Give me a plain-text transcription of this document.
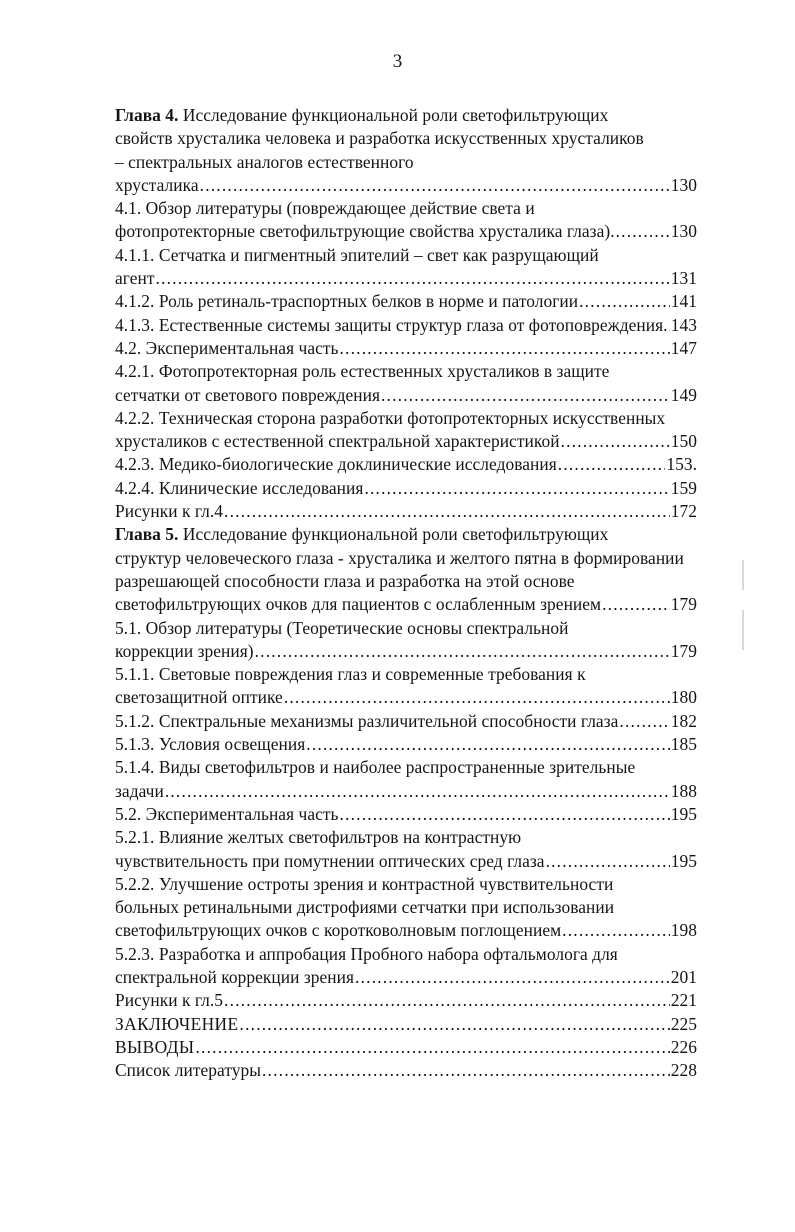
3
Глава 4. Исследование функциональной роли светофильтрующих
свойств хрусталика человека и разработка искусственных хрусталиков
– спектральных аналогов естественного
хрусталика .....	130
4.1. Обзор литературы (повреждающее действие света и
фотопротекторные светофильтрующие свойства хрусталика глаза). .....	130
4.1.1. Сетчатка и пигментный эпителий – свет как разрущающий
агент .....	131
4.1.2. Роль ретиналь-траспортных белков в норме и патологии .....	141
4.1.3. Естественные системы защиты структур глаза от фотоповреждения. ..... 143
4.2. Экспериментальная часть .....	147
4.2.1. Фотопротекторная роль естественных хрусталиков в защите
сетчатки от светового повреждения .....	149
4.2.2. Техническая сторона разработки фотопротекторных искусственных
хрусталиков с естественной спектральной характеристикой .....	150
4.2.3. Медико-биологические доклинические исследования .....	153.
4.2.4. Клинические исследования .....	159
Рисунки к гл.4 .....	172
Глава 5. Исследование функциональной роли светофильтрующих
структур человеческого глаза - хрусталика и желтого пятна в формировании
разрешающей способности глаза и разработка на этой основе
светофильтрующих очков для пациентов с ослабленным зрением .....	179
5.1. Обзор литературы (Теоретические основы спектральной
коррекции зрения) .....	179
5.1.1. Световые повреждения глаз и современные требования к
светозащитной оптике .....	180
5.1.2. Спектральные механизмы различительной способности глаза .....	182
5.1.3. Условия освещения .....	185
5.1.4. Виды светофильтров и наиболее распространенные зрительные
задачи .....	188
5.2. Экспериментальная часть .....	195
5.2.1. Влияние желтых светофильтров на контрастную
чувствительность при помутнении оптических сред глаза .....	195
5.2.2. Улучшение остроты зрения и контрастной чувствительности
больных ретинальными дистрофиями сетчатки при использовании
светофильтрующих очков с коротковолновым поглощением .....	198
5.2.3. Разработка и аппробация Пробного набора офтальмолога для
спектральной коррекции зрения .....	201
Рисунки к гл.5 .....	221
ЗАКЛЮЧЕНИЕ .....	225
ВЫВОДЫ .....	226
Список литературы .....	228
